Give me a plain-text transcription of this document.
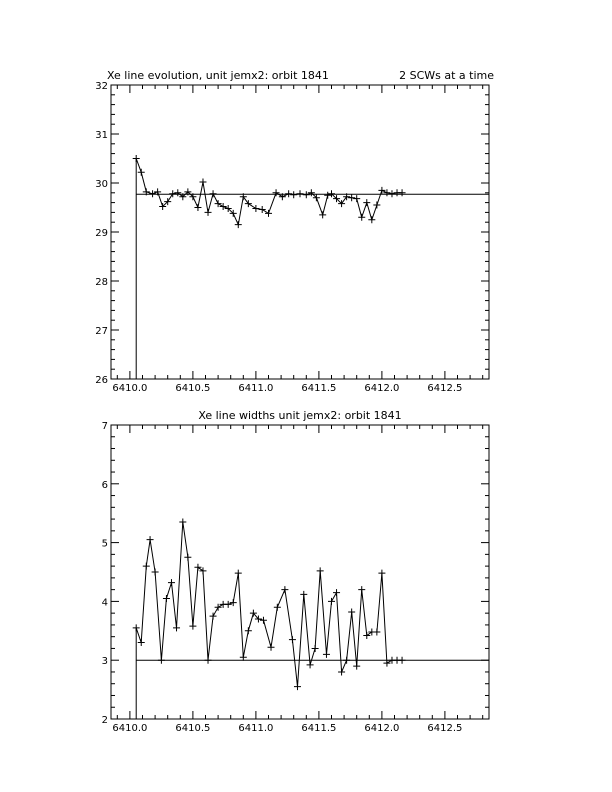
Xe line evolution, unit jemx2: orbit 1841	2 SCWs at a time
6410.0	6410.5	6411.0	6411.5	6412.0	6412.5
26
27
28
29
30
31
32
Xe line widths unit jemx2: orbit 1841
6410.0	6410.5	6411.0	6411.5	6412.0	6412.5
2
3
4
5
6
7
